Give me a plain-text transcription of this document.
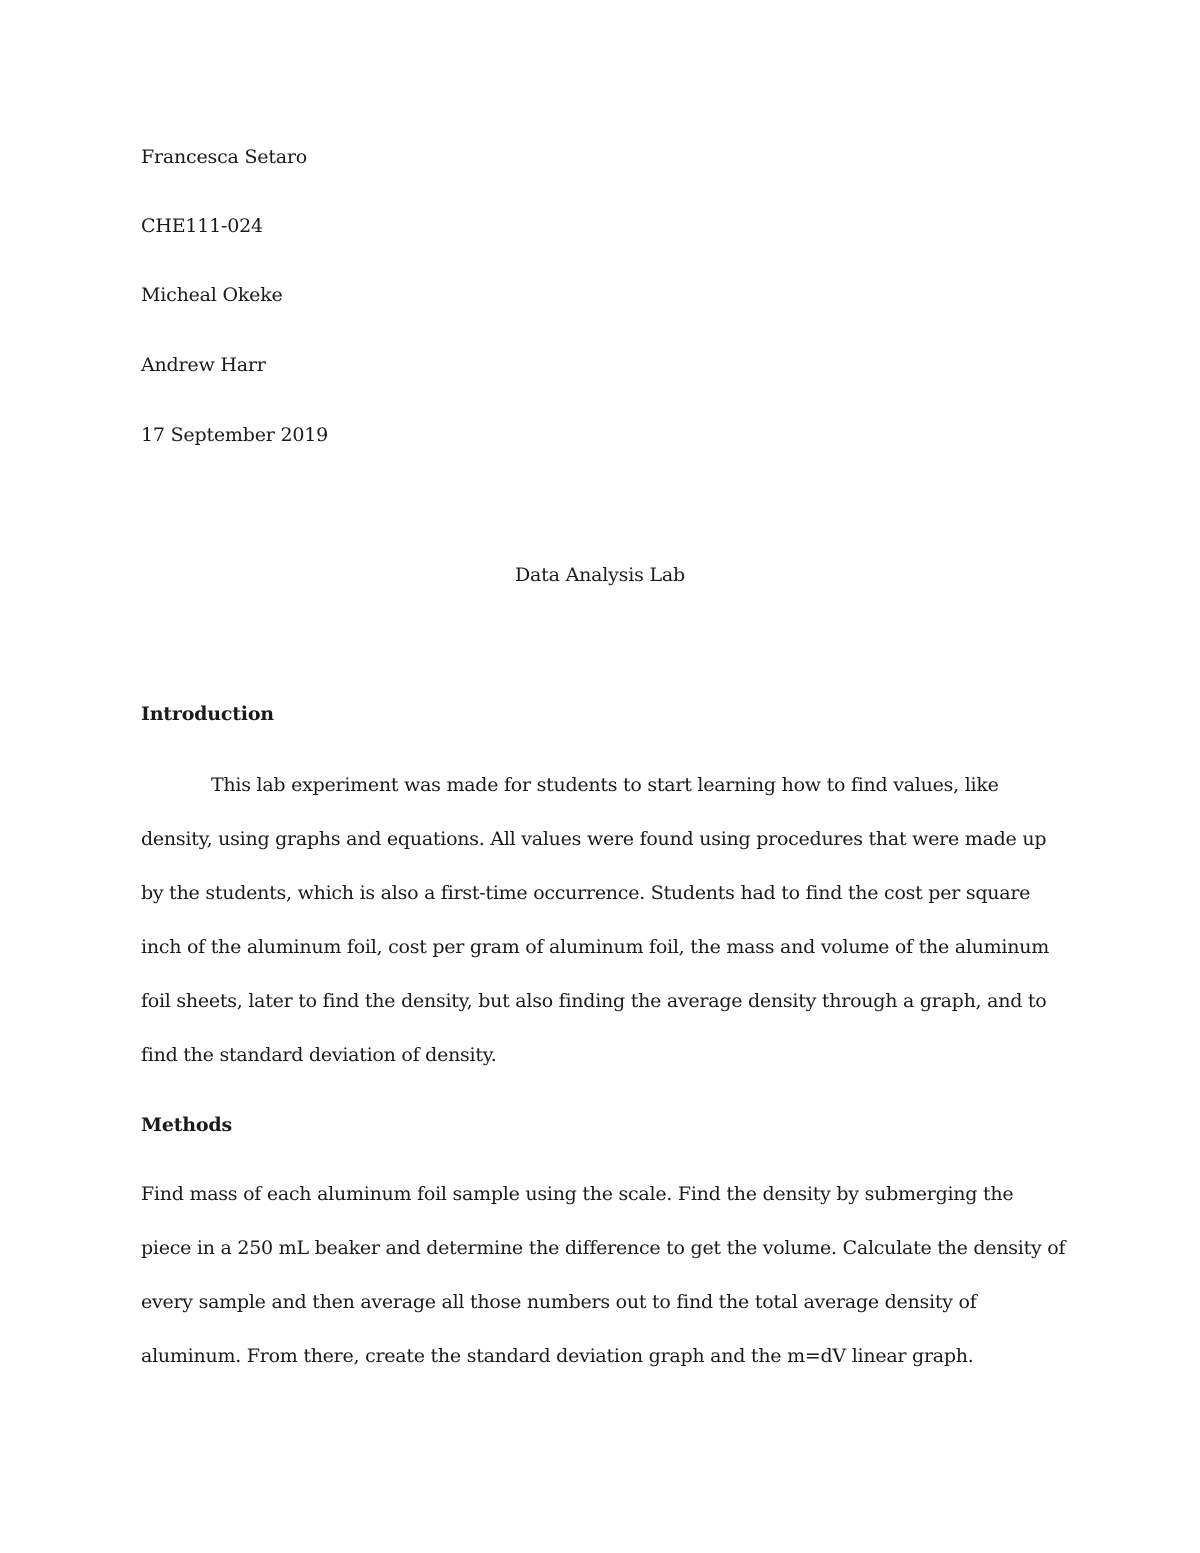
Francesca Setaro
CHE111-024
Micheal Okeke
Andrew Harr
17 September 2019
Data Analysis Lab
Introduction
This lab experiment was made for students to start learning how to find values, like
density, using graphs and equations. All values were found using procedures that were made up
by the students, which is also a first-time occurrence. Students had to find the cost per square
inch of the aluminum foil, cost per gram of aluminum foil, the mass and volume of the aluminum
foil sheets, later to find the density, but also finding the average density through a graph, and to
find the standard deviation of density.
Methods
Find mass of each aluminum foil sample using the scale. Find the density by submerging the
piece in a 250 mL beaker and determine the difference to get the volume. Calculate the density of
every sample and then average all those numbers out to find the total average density of
aluminum. From there, create the standard deviation graph and the m=dV linear graph.
